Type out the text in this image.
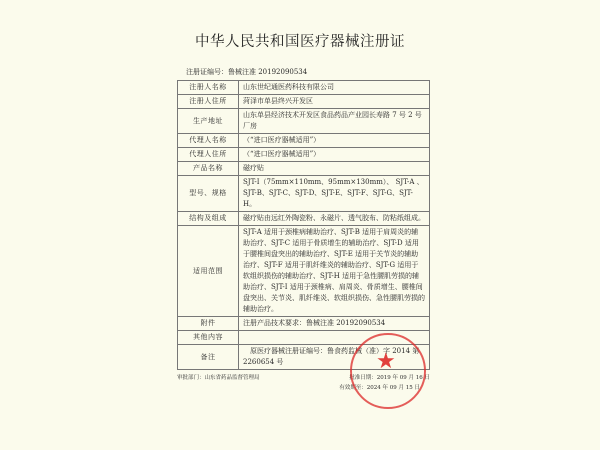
中华人民共和国医疗器械注册证
注册证编号：鲁械注准 20192090534
注册人名称	山东世纪通医药科技有限公司
注册人住所	菏泽市单县终兴开发区
生产地址	山东单县经济技术开发区食品药品产业园长寿路 7 号 2 号厂房
代理人名称	（“进口医疗器械适用”）
代理人住所	（“进口医疗器械适用”）
产品名称	磁疗贴
型号、规格	SJT-I（75mm×110mm、95mm×130mm）、 SJT-A 、SJT-B、SJT-C、SJT-D、SJT-E、SJT-F、SJT-G、SJT-H。
结构及组成	磁疗贴由远红外陶瓷粉、永磁片、透气胶布、防粘纸组成。
适用范围	SJT-A 适用于颈椎病辅助治疗、SJT-B 适用于肩周炎的辅助治疗、SJT-C 适用于骨质增生的辅助治疗、SJT-D 适用于腰椎间盘突出的辅助治疗、SJT-E 适用于关节炎的辅助治疗、SJT-F 适用于肌纤维炎的辅助治疗、SJT-G 适用于软组织损伤的辅助治疗、SJT-H 适用于急性腰肌劳损的辅助治疗、SJT-I 适用于颈椎病、肩周炎、骨质增生、腰椎间盘突出、关节炎、肌纤维炎、软组织损伤、急性腰肌劳损的辅助治疗。
附件	注册产品技术要求：鲁械注准 20192090534
其他内容	
备注	　原医疗器械注册证编号：鲁食药监械（准）字 2014 第 2260654 号
审批部门：山东省药品监督管理局	批准日期：2019 年 09 月 16 日
有效期至：2024 年 09 月 15 日
★
